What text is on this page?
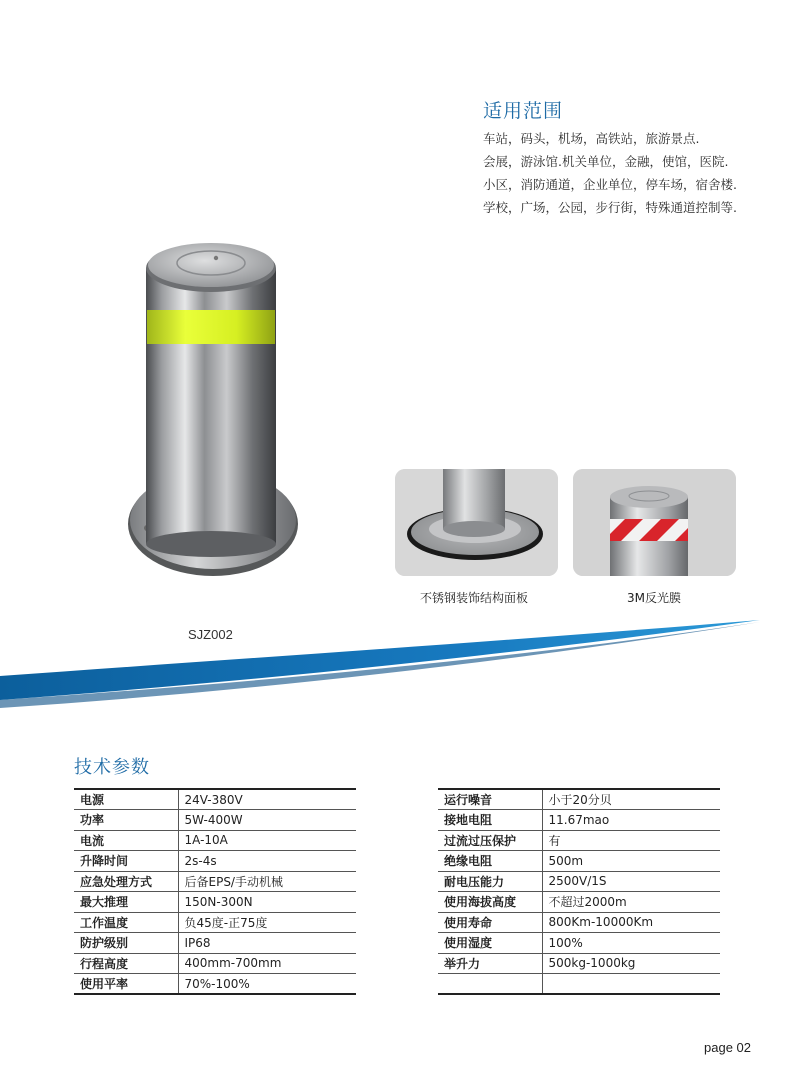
适用范围
车站，码头，机场，高铁站，旅游景点.
会展，游泳馆.机关单位，金融，使馆，医院.
小区，消防通道，企业单位，停车场，宿舍楼.
学校，广场，公园，步行街，特殊通道控制等.
SJZ002
不锈钢装饰结构面板	3M反光膜
技术参数
电源	24V-380V
功率	5W-400W
电流	1A-10A
升降时间	2s-4s
应急处理方式	后备EPS/手动机械
最大推理	150N-300N
工作温度	负45度-正75度
防护级别	IP68
行程高度	400mm-700mm
使用平率	70%-100%
运行噪音	小于20分贝
接地电阻	11.67mao
过流过压保护	有
绝缘电阻	500m
耐电压能力	2500V/1S
使用海拔高度	不超过2000m
使用寿命	800Km-10000Km
使用湿度	100%
举升力	500kg-1000kg

page 02
